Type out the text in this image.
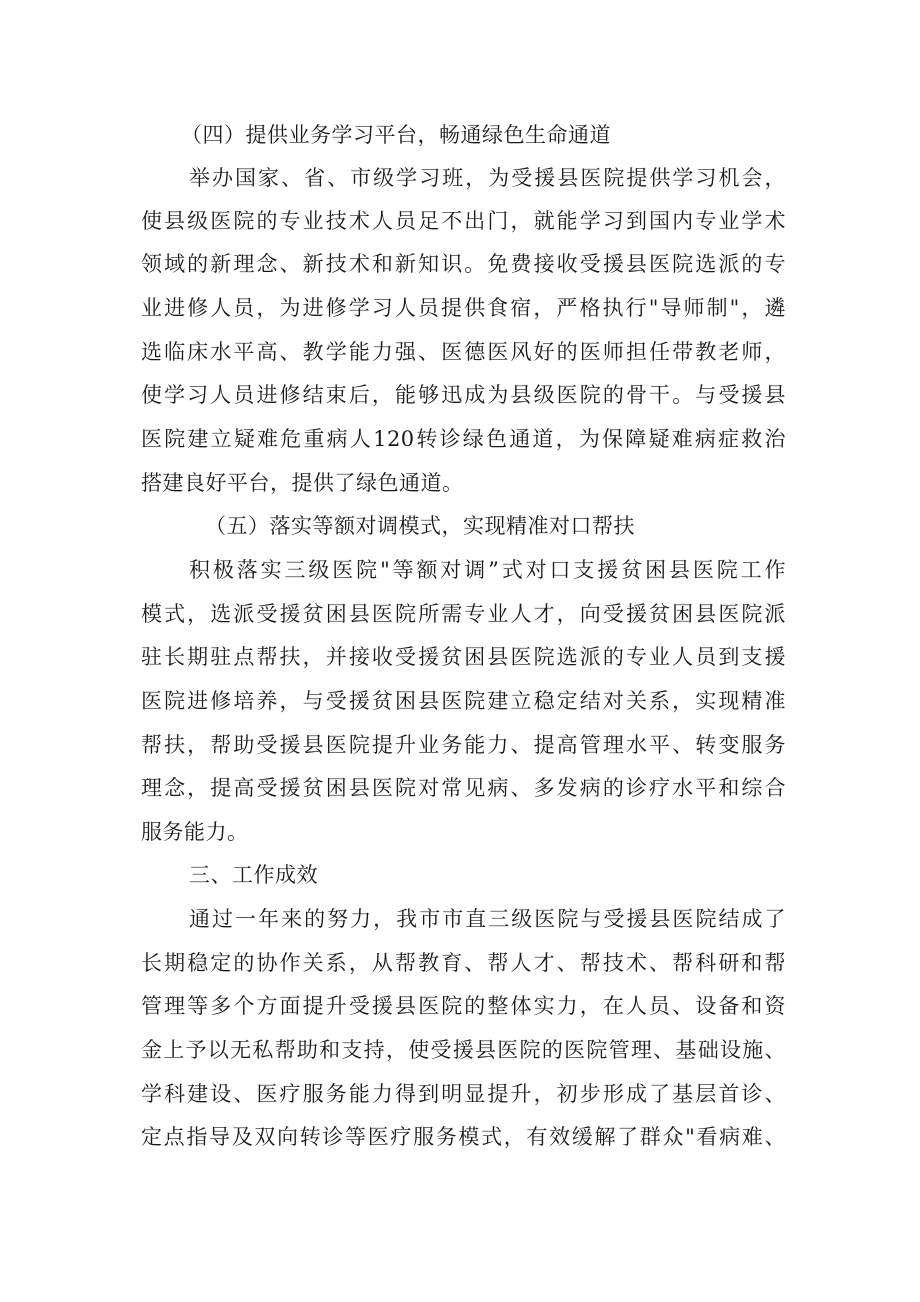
（四）提供业务学习平台，畅通绿色生命通道
举办国家、省、市级学习班，为受援县医院提供学习机会，
使县级医院的专业技术人员足不出门，就能学习到国内专业学术
领域的新理念、新技术和新知识。免费接收受援县医院选派的专
业进修人员，为进修学习人员提供食宿，严格执行"导师制"，遴
选临床水平高、教学能力强、医德医风好的医师担任带教老师，
使学习人员进修结束后，能够迅成为县级医院的骨干。与受援县
医院建立疑难危重病人120转诊绿色通道，为保障疑难病症救治
搭建良好平台，提供了绿色通道。
（五）落实等额对调模式，实现精准对口帮扶
积极落实三级医院"等额对调”式对口支援贫困县医院工作
模式，选派受援贫困县医院所需专业人才，向受援贫困县医院派
驻长期驻点帮扶，并接收受援贫困县医院选派的专业人员到支援
医院进修培养，与受援贫困县医院建立稳定结对关系，实现精准
帮扶，帮助受援县医院提升业务能力、提高管理水平、转变服务
理念，提高受援贫困县医院对常见病、多发病的诊疗水平和综合
服务能力。
三、工作成效
通过一年来的努力，我市市直三级医院与受援县医院结成了
长期稳定的协作关系，从帮教育、帮人才、帮技术、帮科研和帮
管理等多个方面提升受援县医院的整体实力，在人员、设备和资
金上予以无私帮助和支持，使受援县医院的医院管理、基础设施、
学科建设、医疗服务能力得到明显提升，初步形成了基层首诊、
定点指导及双向转诊等医疗服务模式，有效缓解了群众"看病难、
